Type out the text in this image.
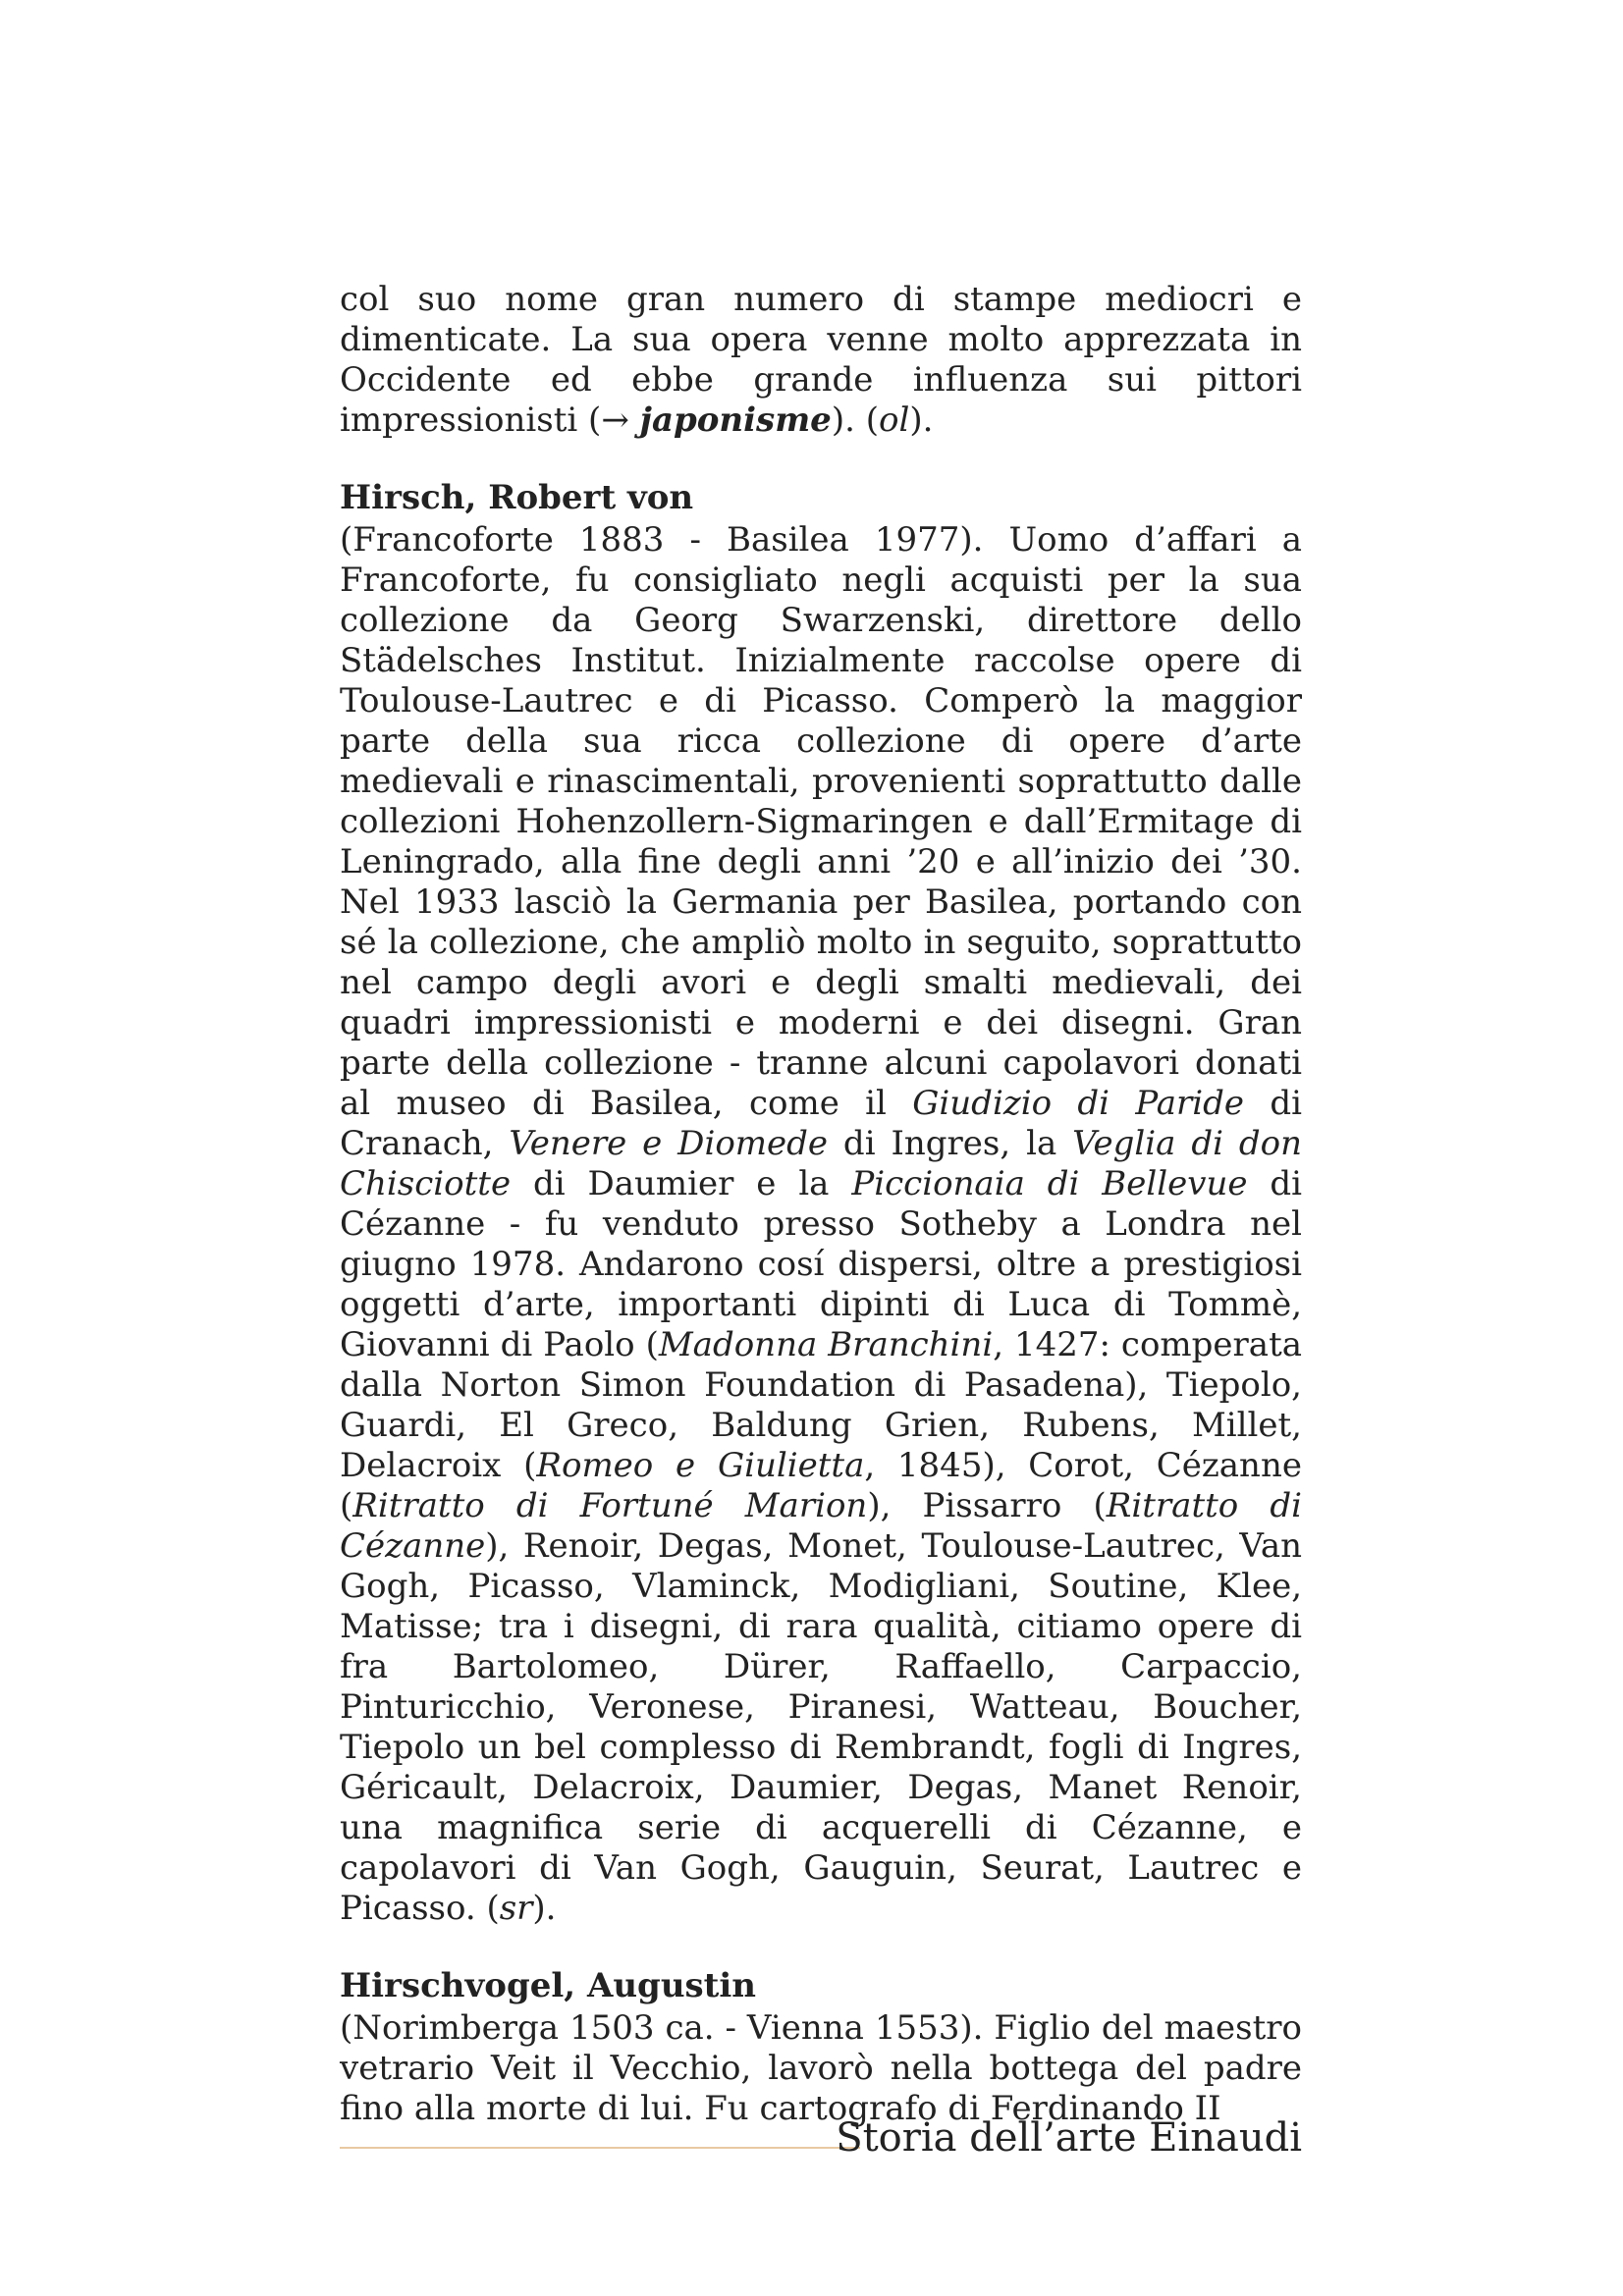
col suo nome gran numero di stampe mediocri e dimenticate. La sua opera venne molto apprezzata in Occidente ed ebbe grande influenza sui pittori impressionisti (→ japonisme). (ol).

Hirsch, Robert von

(Francoforte 1883 - Basilea 1977). Uomo d’affari a Francoforte, fu consigliato negli acquisti per la sua collezione da Georg Swarzenski, direttore dello Städelsches Institut. Inizialmente raccolse opere di Toulouse-Lautrec e di Picasso. Comperò la maggior parte della sua ricca collezione di opere d’arte medievali e rinascimentali, provenienti soprattutto dalle collezioni Hohenzollern-Sigmaringen e dall’Ermitage di Leningrado, alla fine degli anni ’20 e all’inizio dei ’30. Nel 1933 lasciò la Germania per Basilea, portando con sé la collezione, che ampliò molto in seguito, soprattutto nel campo degli avori e degli smalti medievali, dei quadri impressionisti e moderni e dei disegni. Gran parte della collezione - tranne alcuni capolavori donati al museo di Basilea, come il Giudizio di Paride di Cranach, Venere e Diomede di Ingres, la Veglia di don Chisciotte di Daumier e la Piccionaia di Bellevue di Cézanne - fu venduto presso Sotheby a Londra nel giugno 1978. Andarono cosí dispersi, oltre a prestigiosi oggetti d’arte, importanti dipinti di Luca di Tommè, Giovanni di Paolo (Madonna Branchini, 1427: comperata dalla Norton Simon Foundation di Pasadena), Tiepolo, Guardi, El Greco, Baldung Grien, Rubens, Millet, Delacroix (Romeo e Giulietta, 1845), Corot, Cézanne (Ritratto di Fortuné Marion), Pissarro (Ritratto di Cézanne), Renoir, Degas, Monet, Toulouse-Lautrec, Van Gogh, Picasso, Vlaminck, Modigliani, Soutine, Klee, Matisse; tra i disegni, di rara qualità, citiamo opere di fra Bartolomeo, Dürer, Raffaello, Carpaccio, Pinturicchio, Veronese, Piranesi, Watteau, Boucher, Tiepolo un bel complesso di Rembrandt, fogli di Ingres, Géricault, Delacroix, Daumier, Degas, Manet Renoir, una magnifica serie di acquerelli di Cézanne, e capolavori di Van Gogh, Gauguin, Seurat, Lautrec e Picasso. (sr).

Hirschvogel, Augustin

(Norimberga 1503 ca. - Vienna 1553). Figlio del maestro vetrario Veit il Vecchio, lavorò nella bottega del padre fino alla morte di lui. Fu cartografo di Ferdinando II

Storia dell’arte Einaudi
